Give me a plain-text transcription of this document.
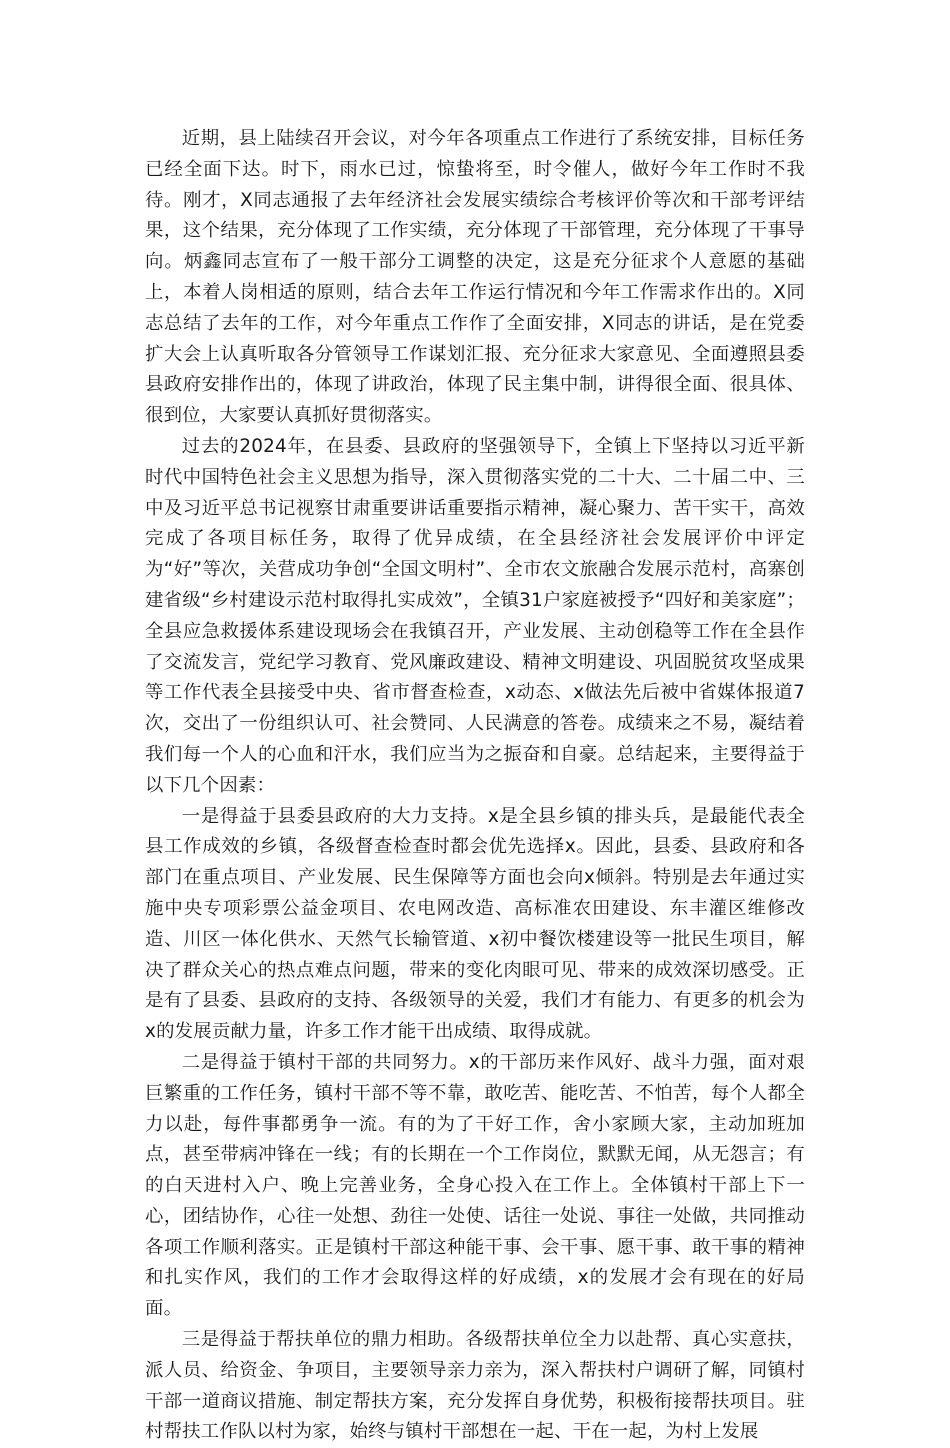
近期，县上陆续召开会议，对今年各项重点工作进行了系统安排，目标任务已经全面下达。时下，雨水已过，惊蛰将至，时令催人，做好今年工作时不我待。刚才，X同志通报了去年经济社会发展实绩综合考核评价等次和干部考评结果，这个结果，充分体现了工作实绩，充分体现了干部管理，充分体现了干事导向。炳鑫同志宣布了一般干部分工调整的决定，这是充分征求个人意愿的基础上，本着人岗相适的原则，结合去年工作运行情况和今年工作需求作出的。X同志总结了去年的工作，对今年重点工作作了全面安排，X同志的讲话，是在党委扩大会上认真听取各分管领导工作谋划汇报、充分征求大家意见、全面遵照县委县政府安排作出的，体现了讲政治，体现了民主集中制，讲得很全面、很具体、很到位，大家要认真抓好贯彻落实。

过去的2024年，在县委、县政府的坚强领导下，全镇上下坚持以习近平新时代中国特色社会主义思想为指导，深入贯彻落实党的二十大、二十届二中、三中及习近平总书记视察甘肃重要讲话重要指示精神，凝心聚力、苦干实干，高效完成了各项目标任务，取得了优异成绩，在全县经济社会发展评价中评定为“好”等次，关营成功争创“全国文明村”、全市农文旅融合发展示范村，高寨创建省级“乡村建设示范村取得扎实成效”，全镇31户家庭被授予“四好和美家庭”；全县应急救援体系建设现场会在我镇召开，产业发展、主动创稳等工作在全县作了交流发言，党纪学习教育、党风廉政建设、精神文明建设、巩固脱贫攻坚成果等工作代表全县接受中央、省市督查检查，x动态、x做法先后被中省媒体报道7次，交出了一份组织认可、社会赞同、人民满意的答卷。成绩来之不易，凝结着我们每一个人的心血和汗水，我们应当为之振奋和自豪。总结起来，主要得益于以下几个因素：

一是得益于县委县政府的大力支持。x是全县乡镇的排头兵，是最能代表全县工作成效的乡镇，各级督查检查时都会优先选择x。因此，县委、县政府和各部门在重点项目、产业发展、民生保障等方面也会向x倾斜。特别是去年通过实施中央专项彩票公益金项目、农电网改造、高标准农田建设、东丰灌区维修改造、川区一体化供水、天然气长输管道、x初中餐饮楼建设等一批民生项目，解决了群众关心的热点难点问题，带来的变化肉眼可见、带来的成效深切感受。正是有了县委、县政府的支持、各级领导的关爱，我们才有能力、有更多的机会为x的发展贡献力量，许多工作才能干出成绩、取得成就。

二是得益于镇村干部的共同努力。x的干部历来作风好、战斗力强，面对艰巨繁重的工作任务，镇村干部不等不靠，敢吃苦、能吃苦、不怕苦，每个人都全力以赴，每件事都勇争一流。有的为了干好工作，舍小家顾大家，主动加班加点，甚至带病冲锋在一线；有的长期在一个工作岗位，默默无闻，从无怨言；有的白天进村入户、晚上完善业务，全身心投入在工作上。全体镇村干部上下一心，团结协作，心往一处想、劲往一处使、话往一处说、事往一处做，共同推动各项工作顺利落实。正是镇村干部这种能干事、会干事、愿干事、敢干事的精神和扎实作风，我们的工作才会取得这样的好成绩，x的发展才会有现在的好局面。

三是得益于帮扶单位的鼎力相助。各级帮扶单位全力以赴帮、真心实意扶，派人员、给资金、争项目，主要领导亲力亲为，深入帮扶村户调研了解，同镇村干部一道商议措施、制定帮扶方案，充分发挥自身优势，积极衔接帮扶项目。驻村帮扶工作队以村为家，始终与镇村干部想在一起、干在一起，为村上发展
